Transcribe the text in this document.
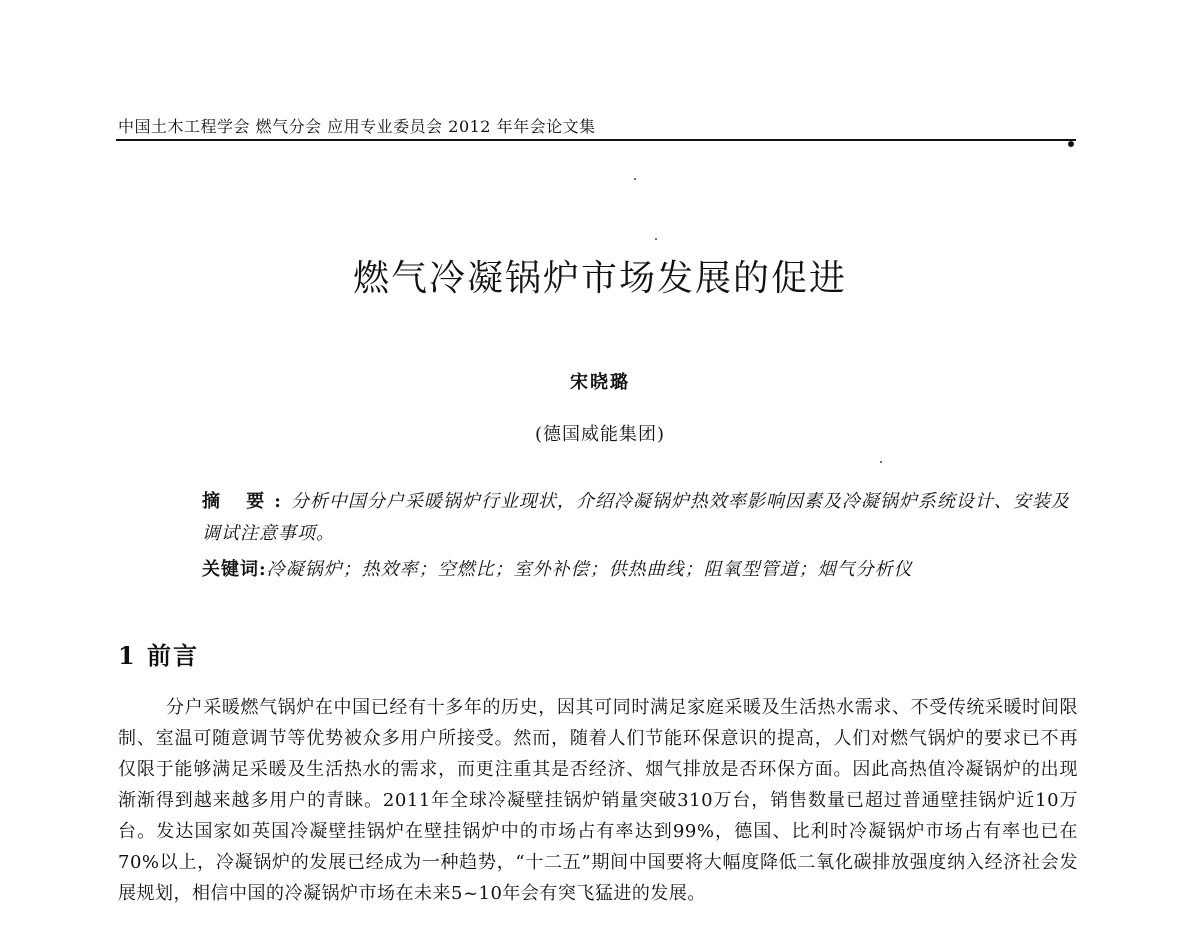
中国土木工程学会 燃气分会 应用专业委员会 2012 年年会论文集
燃气冷凝锅炉市场发展的促进
宋晓璐
(德国威能集团)
摘 要:分析中国分户采暖锅炉行业现状，介绍冷凝锅炉热效率影响因素及冷凝锅炉系统设计、安装及调试注意事项。
关键词:冷凝锅炉；热效率；空燃比；室外补偿；供热曲线；阻氧型管道；烟气分析仪
1 前言

分户采暖燃气锅炉在中国已经有十多年的历史，因其可同时满足家庭采暖及生活热水需求、不受传统采暖时间限制、室温可随意调节等优势被众多用户所接受。然而，随着人们节能环保意识的提高，人们对燃气锅炉的要求已不再仅限于能够满足采暖及生活热水的需求，而更注重其是否经济、烟气排放是否环保方面。因此高热值冷凝锅炉的出现渐渐得到越来越多用户的青睐。2011年全球冷凝壁挂锅炉销量突破310万台，销售数量已超过普通壁挂锅炉近10万台。发达国家如英国冷凝壁挂锅炉在壁挂锅炉中的市场占有率达到99%，德国、比利时冷凝锅炉市场占有率也已在70%以上，冷凝锅炉的发展已经成为一种趋势，“十二五”期间中国要将大幅度降低二氧化碳排放强度纳入经济社会发展规划，相信中国的冷凝锅炉市场在未来5~10年会有突飞猛进的发展。
